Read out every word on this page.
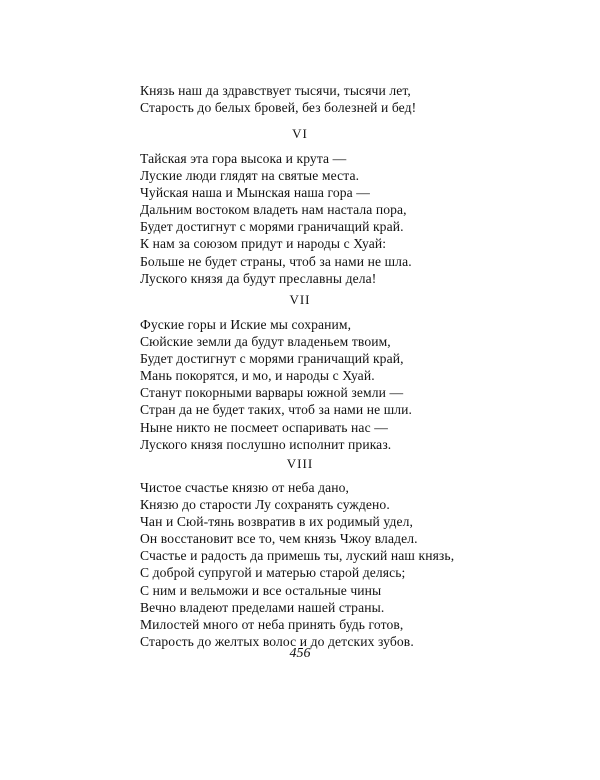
Князь наш да здравствует тысячи, тысячи лет,
Старость до белых бровей, без болезней и бед!
VI
Тайская эта гора высока и крута —
Луские люди глядят на святые места.
Чуйская наша и Мынская наша гора —
Дальним востоком владеть нам настала пора,
Будет достигнут с морями граничащий край.
К нам за союзом придут и народы с Хуай:
Больше не будет страны, чтоб за нами не шла.
Луского князя да будут преславны дела!
VII
Фуские горы и Иские мы сохраним,
Сюйские земли да будут владеньем твоим,
Будет достигнут с морями граничащий край,
Мань покорятся, и мо, и народы с Хуай.
Станут покорными варвары южной земли —
Стран да не будет таких, чтоб за нами не шли.
Ныне никто не посмеет оспаривать нас —
Луского князя послушно исполнит приказ.
VIII
Чистое счастье князю от неба дано,
Князю до старости Лу сохранять суждено.
Чан и Сюй-тянь возвратив в их родимый удел,
Он восстановит все то, чем князь Чжоу владел.
Счастье и радость да примешь ты, луский наш князь,
С доброй супругой и матерью старой делясь;
С ним и вельможи и все остальные чины
Вечно владеют пределами нашей страны.
Милостей много от неба принять будь готов,
Старость до желтых волос и до детских зубов.
456
